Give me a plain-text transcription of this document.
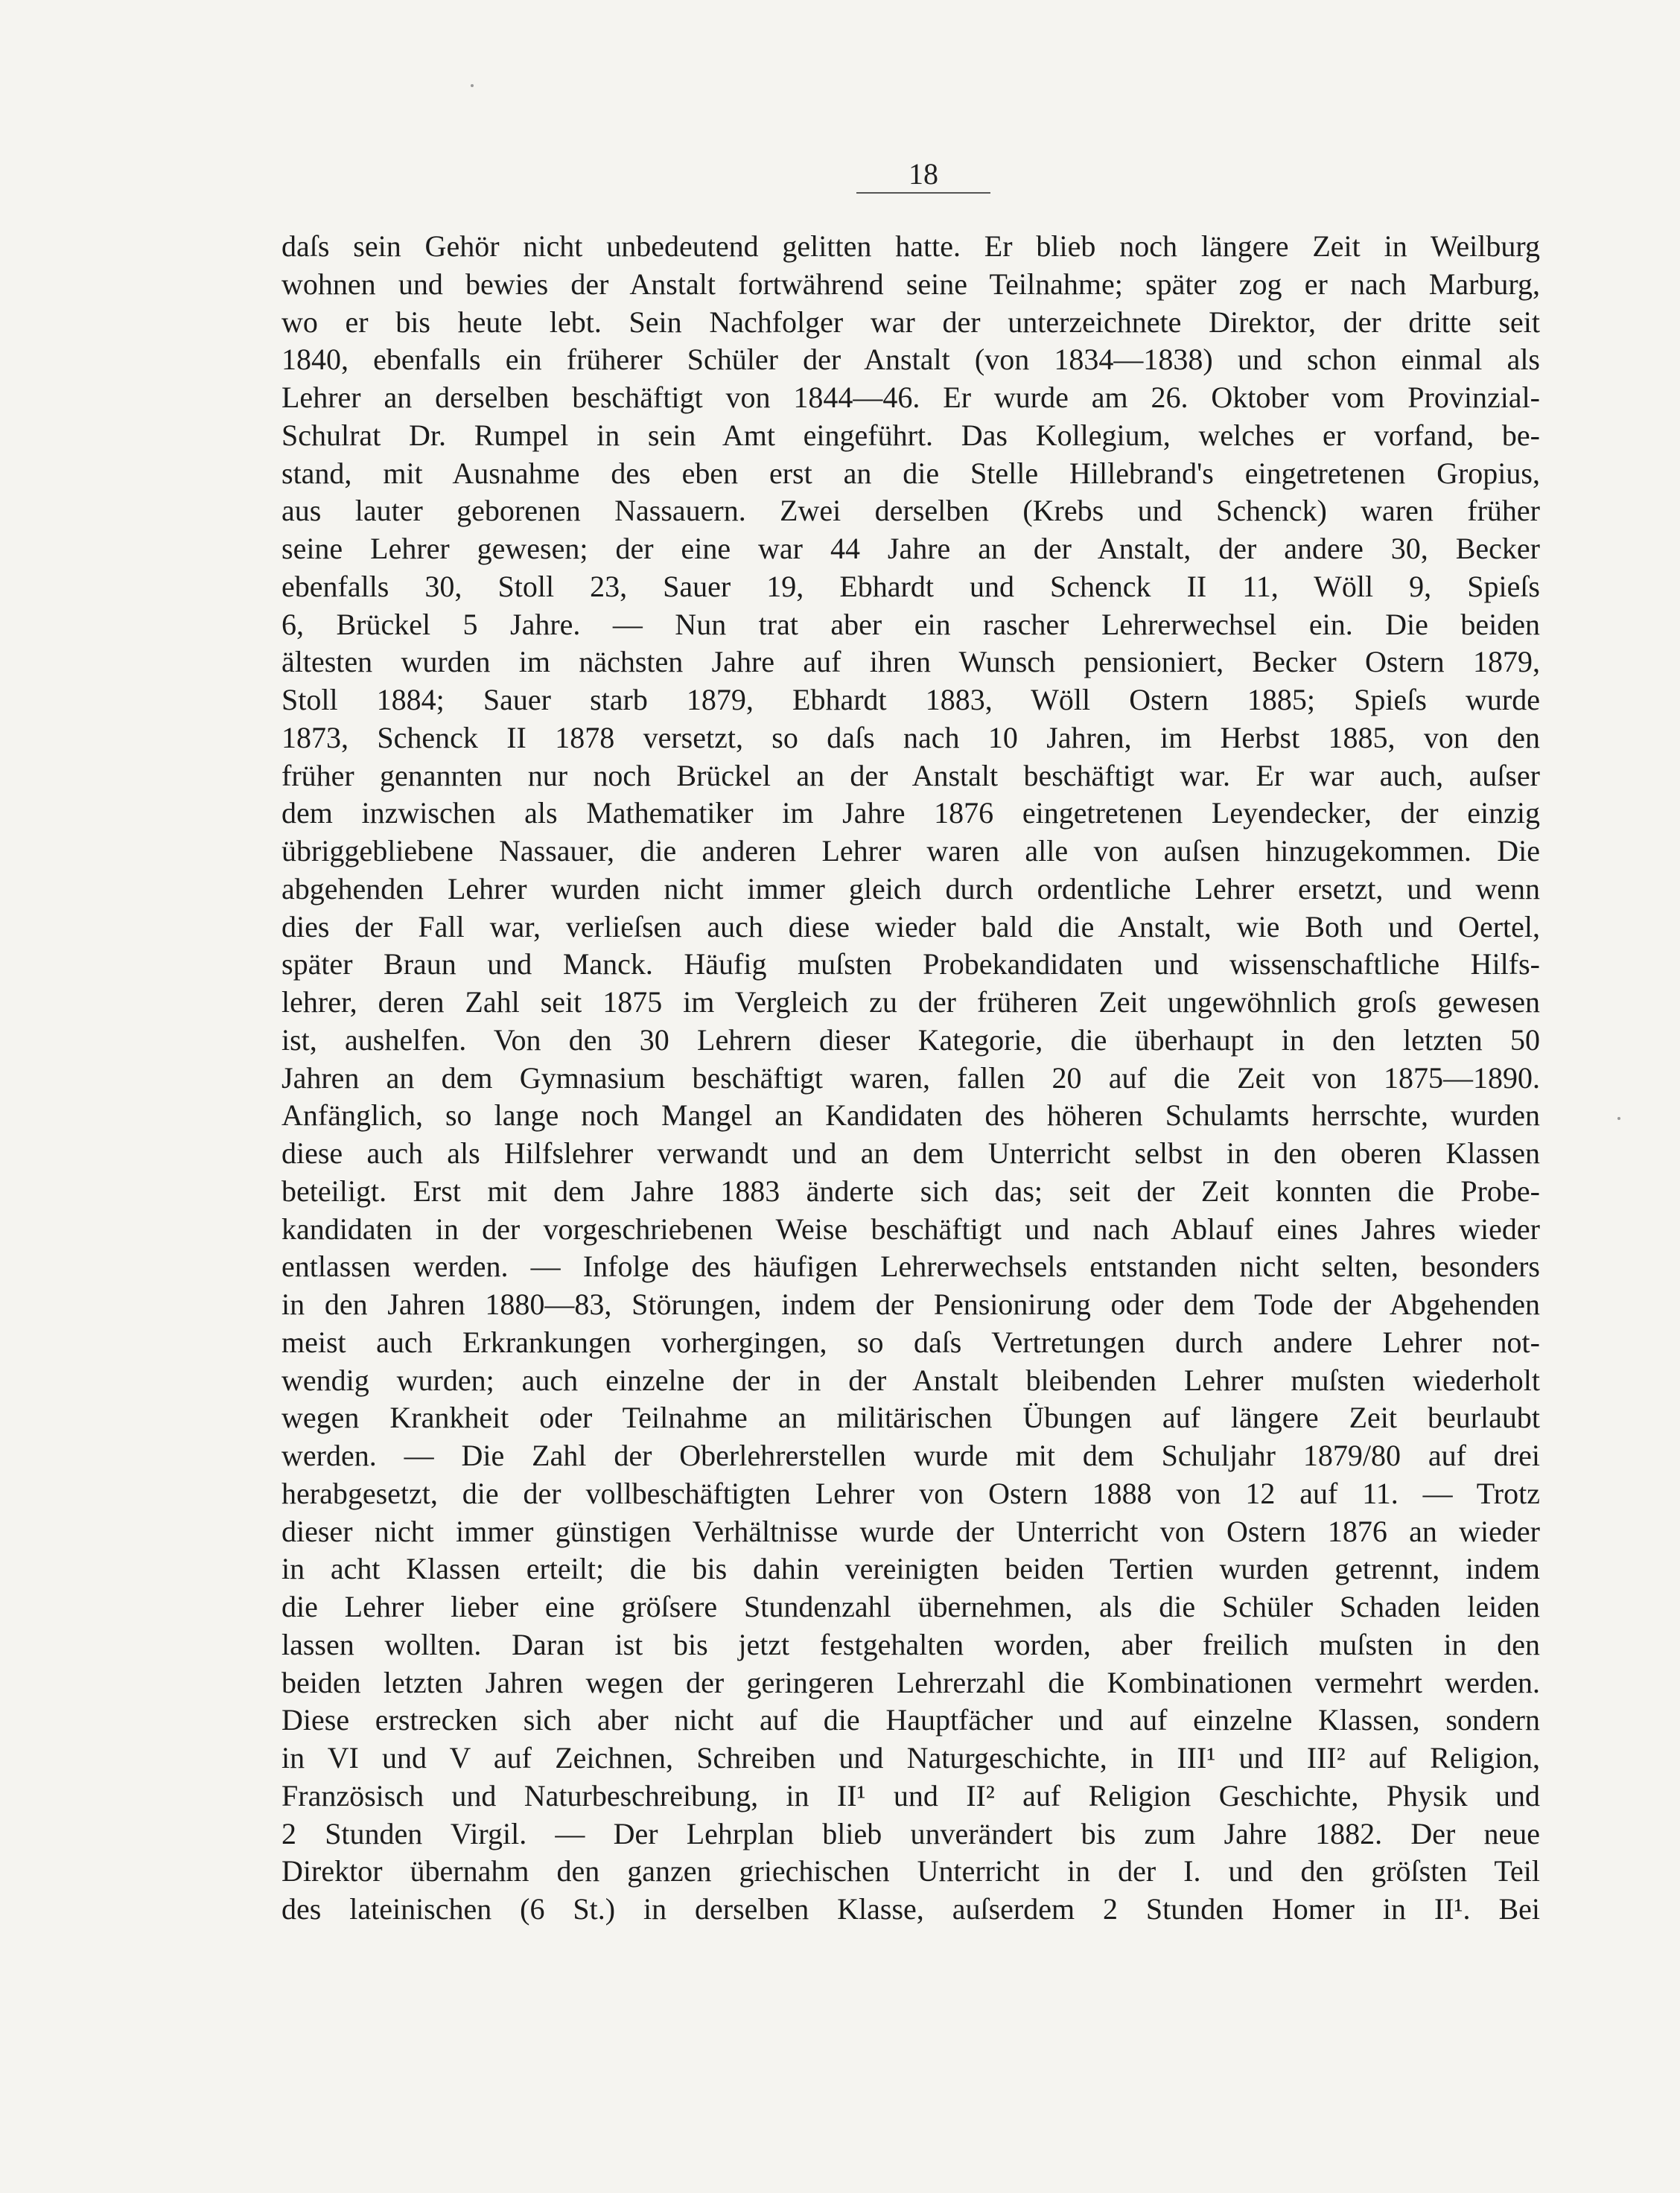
18

daſs sein Gehör nicht unbedeutend gelitten hatte. Er blieb noch längere Zeit in Weilburg
wohnen und bewies der Anstalt fortwährend seine Teilnahme; später zog er nach Marburg,
wo er bis heute lebt. Sein Nachfolger war der unterzeichnete Direktor, der dritte seit
1840, ebenfalls ein früherer Schüler der Anstalt (von 1834—1838) und schon einmal als
Lehrer an derselben beschäftigt von 1844—46. Er wurde am 26. Oktober vom Provinzial-
Schulrat Dr. Rumpel in sein Amt eingeführt. Das Kollegium, welches er vorfand, be-
stand, mit Ausnahme des eben erst an die Stelle Hillebrand's eingetretenen Gropius,
aus lauter geborenen Nassauern. Zwei derselben (Krebs und Schenck) waren früher
seine Lehrer gewesen; der eine war 44 Jahre an der Anstalt, der andere 30, Becker
ebenfalls 30, Stoll 23, Sauer 19, Ebhardt und Schenck II 11, Wöll 9, Spieſs
6, Brückel 5 Jahre. — Nun trat aber ein rascher Lehrerwechsel ein. Die beiden
ältesten wurden im nächsten Jahre auf ihren Wunsch pensioniert, Becker Ostern 1879,
Stoll 1884; Sauer starb 1879, Ebhardt 1883, Wöll Ostern 1885; Spieſs wurde
1873, Schenck II 1878 versetzt, so daſs nach 10 Jahren, im Herbst 1885, von den
früher genannten nur noch Brückel an der Anstalt beschäftigt war. Er war auch, auſser
dem inzwischen als Mathematiker im Jahre 1876 eingetretenen Leyendecker, der einzig
übriggebliebene Nassauer, die anderen Lehrer waren alle von auſsen hinzugekommen. Die
abgehenden Lehrer wurden nicht immer gleich durch ordentliche Lehrer ersetzt, und wenn
dies der Fall war, verlieſsen auch diese wieder bald die Anstalt, wie Both und Oertel,
später Braun und Manck. Häufig muſsten Probekandidaten und wissenschaftliche Hilfs-
lehrer, deren Zahl seit 1875 im Vergleich zu der früheren Zeit ungewöhnlich groſs gewesen
ist, aushelfen. Von den 30 Lehrern dieser Kategorie, die überhaupt in den letzten 50
Jahren an dem Gymnasium beschäftigt waren, fallen 20 auf die Zeit von 1875—1890.
Anfänglich, so lange noch Mangel an Kandidaten des höheren Schulamts herrschte, wurden
diese auch als Hilfslehrer verwandt und an dem Unterricht selbst in den oberen Klassen
beteiligt. Erst mit dem Jahre 1883 änderte sich das; seit der Zeit konnten die Probe-
kandidaten in der vorgeschriebenen Weise beschäftigt und nach Ablauf eines Jahres wieder
entlassen werden. — Infolge des häufigen Lehrerwechsels entstanden nicht selten, besonders
in den Jahren 1880—83, Störungen, indem der Pensionirung oder dem Tode der Abgehenden
meist auch Erkrankungen vorhergingen, so daſs Vertretungen durch andere Lehrer not-
wendig wurden; auch einzelne der in der Anstalt bleibenden Lehrer muſsten wiederholt
wegen Krankheit oder Teilnahme an militärischen Übungen auf längere Zeit beurlaubt
werden. — Die Zahl der Oberlehrerstellen wurde mit dem Schuljahr 1879/80 auf drei
herabgesetzt, die der vollbeschäftigten Lehrer von Ostern 1888 von 12 auf 11. — Trotz
dieser nicht immer günstigen Verhältnisse wurde der Unterricht von Ostern 1876 an wieder
in acht Klassen erteilt; die bis dahin vereinigten beiden Tertien wurden getrennt, indem
die Lehrer lieber eine gröſsere Stundenzahl übernehmen, als die Schüler Schaden leiden
lassen wollten. Daran ist bis jetzt festgehalten worden, aber freilich muſsten in den
beiden letzten Jahren wegen der geringeren Lehrerzahl die Kombinationen vermehrt werden.
Diese erstrecken sich aber nicht auf die Hauptfächer und auf einzelne Klassen, sondern
in VI und V auf Zeichnen, Schreiben und Naturgeschichte, in III¹ und III² auf Religion,
Französisch und Naturbeschreibung, in II¹ und II² auf Religion Geschichte, Physik und
2 Stunden Virgil. — Der Lehrplan blieb unverändert bis zum Jahre 1882. Der neue
Direktor übernahm den ganzen griechischen Unterricht in der I. und den gröſsten Teil
des lateinischen (6 St.) in derselben Klasse, auſserdem 2 Stunden Homer in II¹. Bei
